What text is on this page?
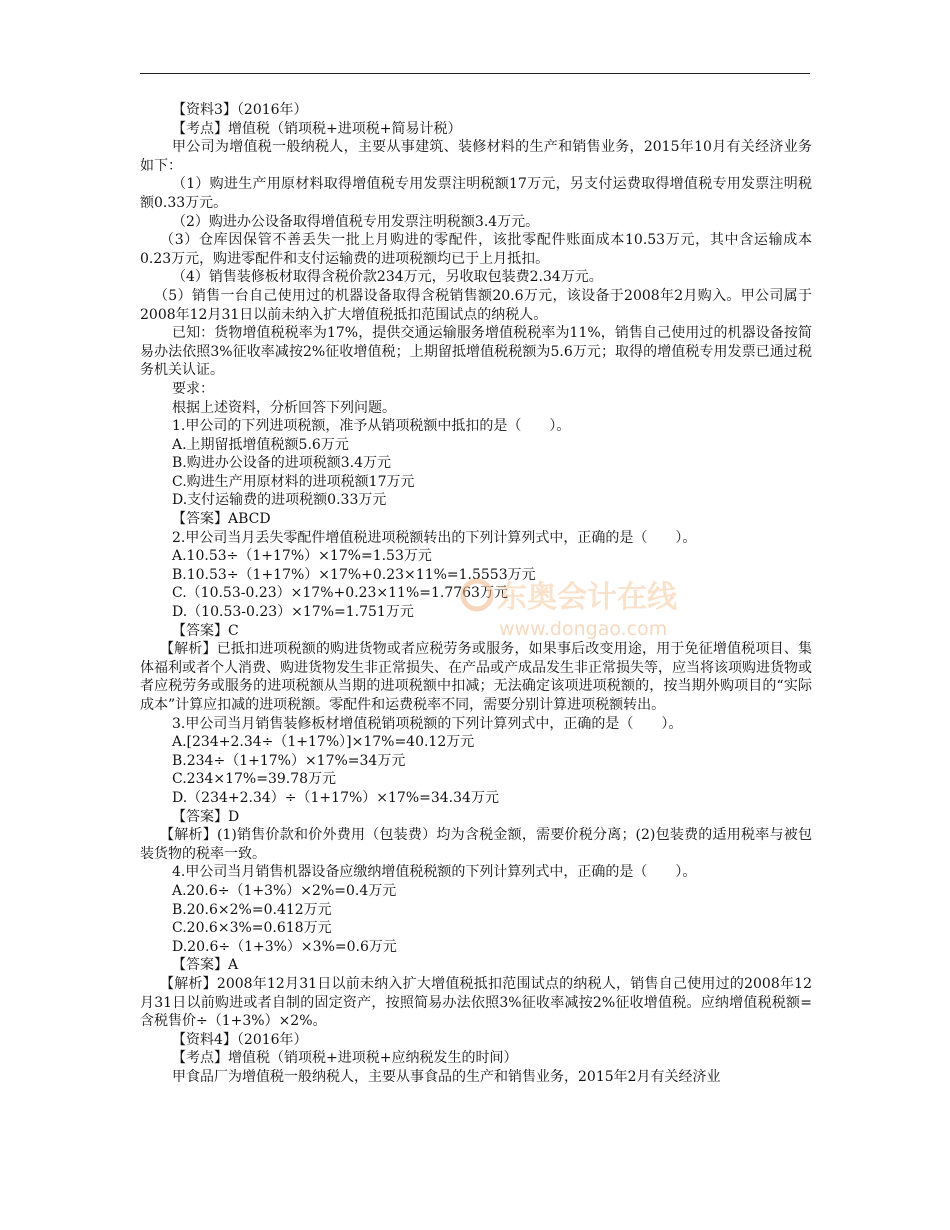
【资料3】（2016年）
【考点】增值税（销项税+进项税+简易计税）
甲公司为增值税一般纳税人，主要从事建筑、装修材料的生产和销售业务，2015年10月有关经济业务如下：
（1）购进生产用原材料取得增值税专用发票注明税额17万元，另支付运费取得增值税专用发票注明税额0.33万元。
（2）购进办公设备取得增值税专用发票注明税额3.4万元。
（3）仓库因保管不善丢失一批上月购进的零配件，该批零配件账面成本10.53万元，其中含运输成本0.23万元，购进零配件和支付运输费的进项税额均已于上月抵扣。
（4）销售装修板材取得含税价款234万元，另收取包装费2.34万元。
（5）销售一台自己使用过的机器设备取得含税销售额20.6万元，该设备于2008年2月购入。甲公司属于2008年12月31日以前未纳入扩大增值税抵扣范围试点的纳税人。
已知：货物增值税税率为17%，提供交通运输服务增值税税率为11%，销售自己使用过的机器设备按简易办法依照3%征收率减按2%征收增值税；上期留抵增值税税额为5.6万元；取得的增值税专用发票已通过税务机关认证。
要求：
根据上述资料，分析回答下列问题。
1.甲公司的下列进项税额，准予从销项税额中抵扣的是（　　）。
A.上期留抵增值税额5.6万元
B.购进办公设备的进项税额3.4万元
C.购进生产用原材料的进项税额17万元
D.支付运输费的进项税额0.33万元
【答案】ABCD
2.甲公司当月丢失零配件增值税进项税额转出的下列计算列式中，正确的是（　　）。
A.10.53÷（1+17%）×17%=1.53万元
B.10.53÷（1+17%）×17%+0.23×11%=1.5553万元
C.（10.53-0.23）×17%+0.23×11%=1.7763万元
D.（10.53-0.23）×17%=1.751万元
【答案】C
【解析】已抵扣进项税额的购进货物或者应税劳务或服务，如果事后改变用途，用于免征增值税项目、集体福利或者个人消费、购进货物发生非正常损失、在产品或产成品发生非正常损失等，应当将该项购进货物或者应税劳务或服务的进项税额从当期的进项税额中扣减；无法确定该项进项税额的，按当期外购项目的“实际成本”计算应扣减的进项税额。零配件和运费税率不同，需要分别计算进项税额转出。
3.甲公司当月销售装修板材增值税销项税额的下列计算列式中，正确的是（　　）。
A.[234+2.34÷（1+17%）]×17%=40.12万元
B.234÷（1+17%）×17%=34万元
C.234×17%=39.78万元
D.（234+2.34）÷（1+17%）×17%=34.34万元
【答案】D
【解析】(1)销售价款和价外费用（包装费）均为含税金额，需要价税分离；(2)包装费的适用税率与被包装货物的税率一致。
4.甲公司当月销售机器设备应缴纳增值税税额的下列计算列式中，正确的是（　　）。
A.20.6÷（1+3%）×2%=0.4万元
B.20.6×2%=0.412万元
C.20.6×3%=0.618万元
D.20.6÷（1+3%）×3%=0.6万元
【答案】A
【解析】2008年12月31日以前未纳入扩大增值税抵扣范围试点的纳税人，销售自己使用过的2008年12月31日以前购进或者自制的固定资产，按照简易办法依照3%征收率减按2%征收增值税。应纳增值税税额=含税售价÷（1+3%）×2%。
【资料4】（2016年）
【考点】增值税（销项税+进项税+应纳税发生的时间）
甲食品厂为增值税一般纳税人，主要从事食品的生产和销售业务，2015年2月有关经济业
东奥会计在线
www.dongao.com
